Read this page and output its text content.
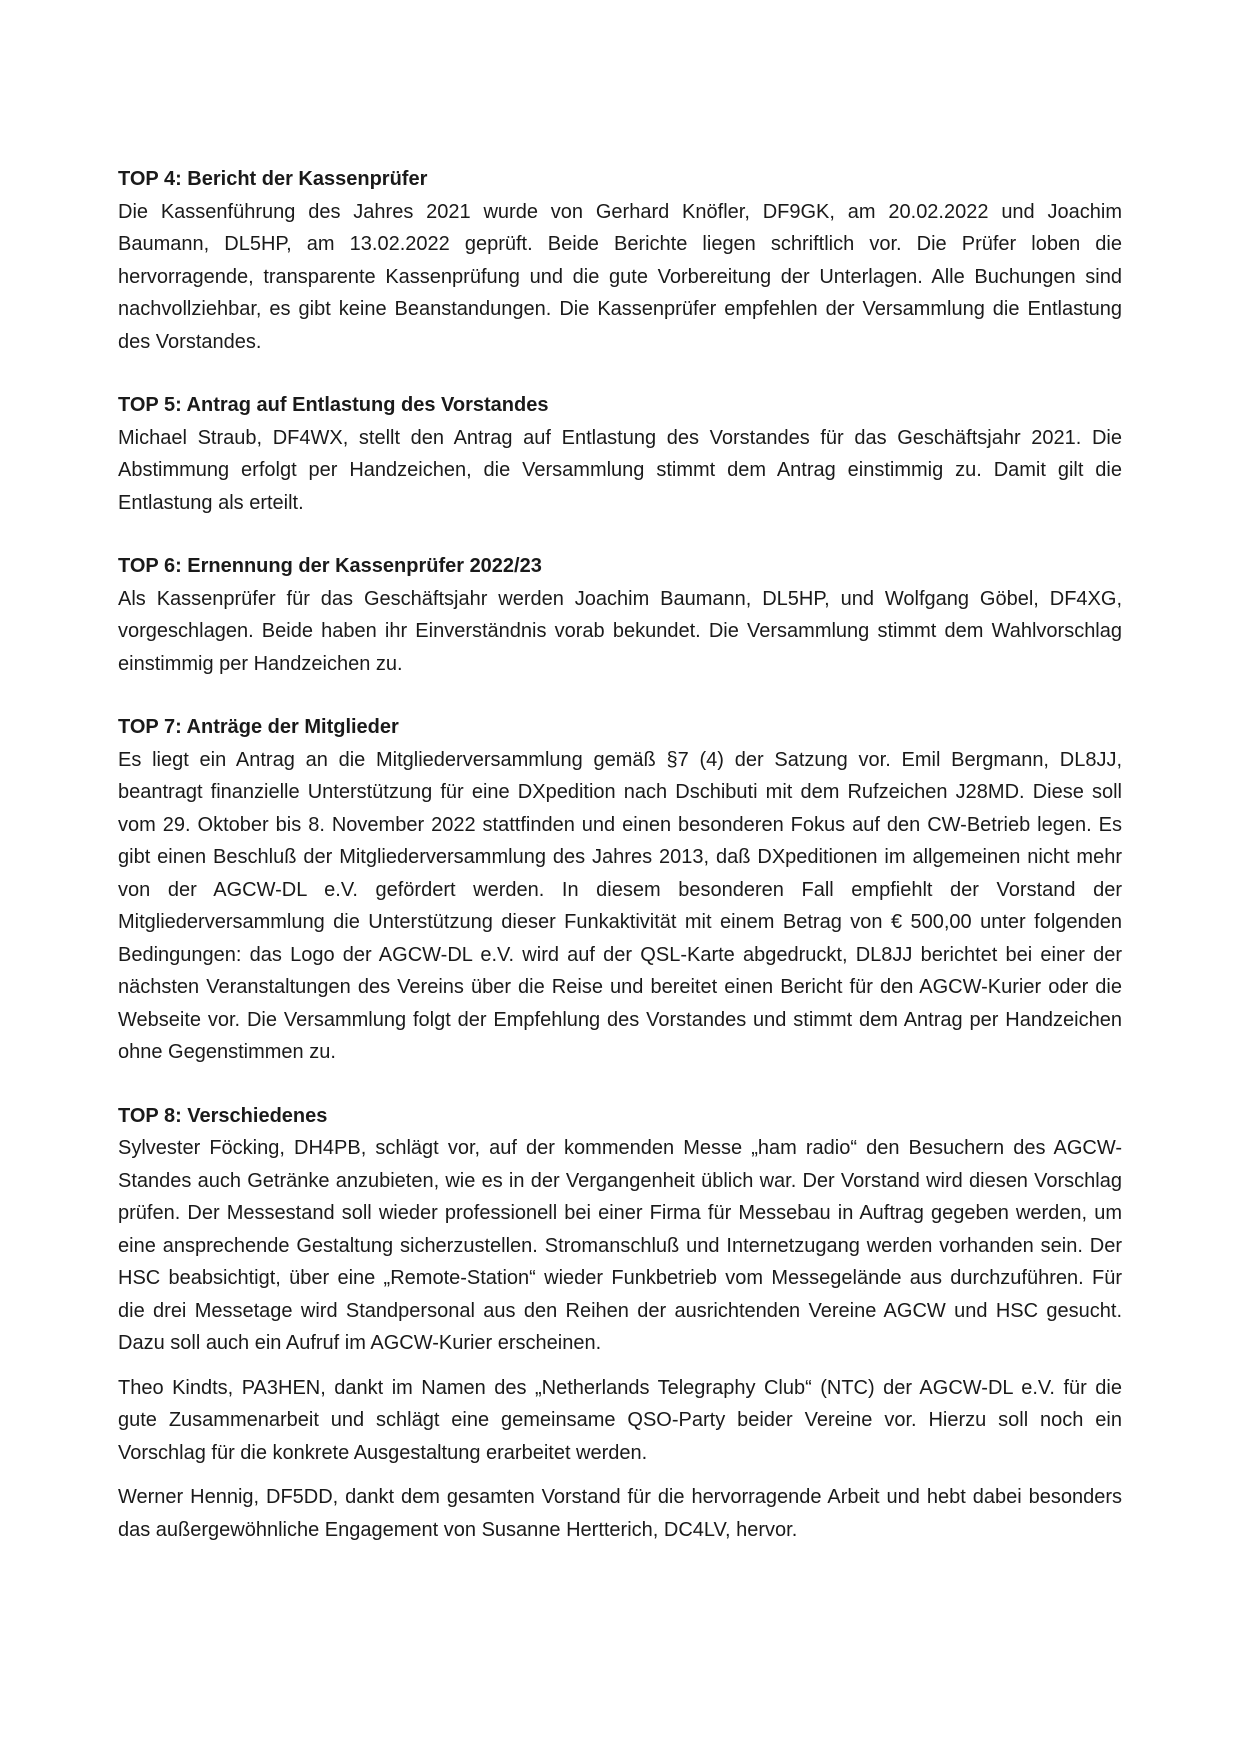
TOP 4: Bericht der Kassenprüfer

Die Kassenführung des Jahres 2021 wurde von Gerhard Knöfler, DF9GK, am 20.02.2022 und Joachim Baumann, DL5HP, am 13.02.2022 geprüft. Beide Berichte liegen schriftlich vor. Die Prüfer loben die hervorragende, transparente Kassenprüfung und die gute Vorbereitung der Unterlagen. Alle Buchungen sind nachvollziehbar, es gibt keine Beanstandungen. Die Kassenprüfer empfehlen der Versammlung die Entlastung des Vorstandes.

TOP 5: Antrag auf Entlastung des Vorstandes

Michael Straub, DF4WX, stellt den Antrag auf Entlastung des Vorstandes für das Geschäftsjahr 2021. Die Abstimmung erfolgt per Handzeichen, die Versammlung stimmt dem Antrag einstimmig zu. Damit gilt die Entlastung als erteilt.

TOP 6: Ernennung der Kassenprüfer 2022/23

Als Kassenprüfer für das Geschäftsjahr werden Joachim Baumann, DL5HP, und Wolfgang Göbel, DF4XG, vorgeschlagen. Beide haben ihr Einverständnis vorab bekundet. Die Versammlung stimmt dem Wahlvorschlag einstimmig per Handzeichen zu.

TOP 7: Anträge der Mitglieder

Es liegt ein Antrag an die Mitgliederversammlung gemäß §7 (4) der Satzung vor. Emil Bergmann, DL8JJ, beantragt finanzielle Unterstützung für eine DXpedition nach Dschibuti mit dem Rufzeichen J28MD. Diese soll vom 29. Oktober bis 8. November 2022 stattfinden und einen besonderen Fokus auf den CW-Betrieb legen. Es gibt einen Beschluß der Mitgliederversammlung des Jahres 2013, daß DXpeditionen im allgemeinen nicht mehr von der AGCW-DL e.V. gefördert werden. In diesem besonderen Fall empfiehlt der Vorstand der Mitgliederversammlung die Unterstützung dieser Funkaktivität mit einem Betrag von € 500,00 unter folgenden Bedingungen: das Logo der AGCW-DL e.V. wird auf der QSL-Karte abgedruckt, DL8JJ berichtet bei einer der nächsten Veranstaltungen des Vereins über die Reise und bereitet einen Bericht für den AGCW-Kurier oder die Webseite vor. Die Versammlung folgt der Empfehlung des Vorstandes und stimmt dem Antrag per Handzeichen ohne Gegenstimmen zu.

TOP 8: Verschiedenes

Sylvester Föcking, DH4PB, schlägt vor, auf der kommenden Messe „ham radio“ den Besuchern des AGCW-Standes auch Getränke anzubieten, wie es in der Vergangenheit üblich war. Der Vorstand wird diesen Vorschlag prüfen. Der Messestand soll wieder professionell bei einer Firma für Messebau in Auftrag gegeben werden, um eine ansprechende Gestaltung sicherzustellen. Stromanschluß und Internetzugang werden vorhanden sein. Der HSC beabsichtigt, über eine „Remote-Station“ wieder Funkbetrieb vom Messegelände aus durchzuführen. Für die drei Messetage wird Standpersonal aus den Reihen der ausrichtenden Vereine AGCW und HSC gesucht. Dazu soll auch ein Aufruf im AGCW-Kurier erscheinen.

Theo Kindts, PA3HEN, dankt im Namen des „Netherlands Telegraphy Club“ (NTC) der AGCW-DL e.V. für die gute Zusammenarbeit und schlägt eine gemeinsame QSO-Party beider Vereine vor. Hierzu soll noch ein Vorschlag für die konkrete Ausgestaltung erarbeitet werden.

Werner Hennig, DF5DD, dankt dem gesamten Vorstand für die hervorragende Arbeit und hebt dabei besonders das außergewöhnliche Engagement von Susanne Hertterich, DC4LV, hervor.
